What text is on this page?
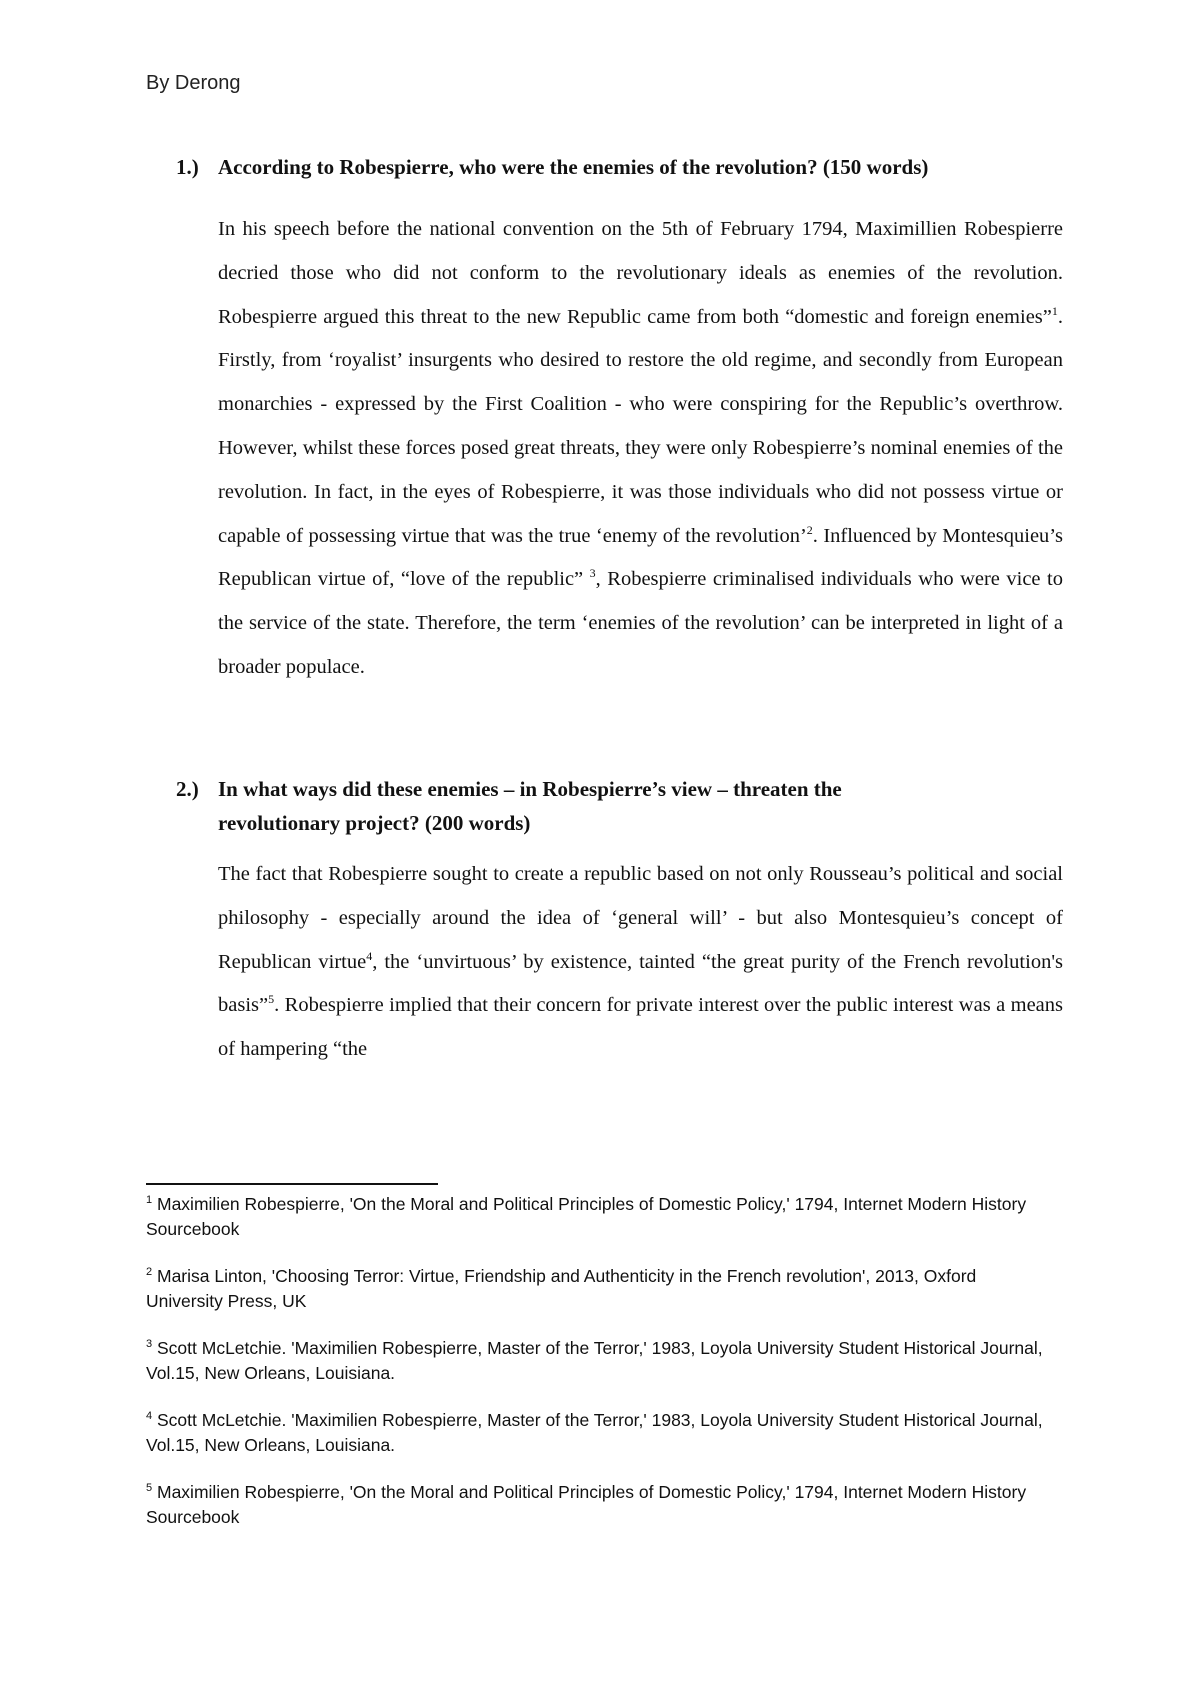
By Derong
1.) According to Robespierre, who were the enemies of the revolution? (150 words)

In his speech before the national convention on the 5th of February 1794, Maximillien Robespierre decried those who did not conform to the revolutionary ideals as enemies of the revolution. Robespierre argued this threat to the new Republic came from both “domestic and foreign enemies”$^1$. Firstly, from ‘royalist’ insurgents who desired to restore the old regime, and secondly from European monarchies - expressed by the First Coalition - who were conspiring for the Republic’s overthrow. However, whilst these forces posed great threats, they were only Robespierre’s nominal enemies of the revolution. In fact, in the eyes of Robespierre, it was those individuals who did not possess virtue or capable of possessing virtue that was the true ‘enemy of the revolution’$^2$. Influenced by Montesquieu’s Republican virtue of, “love of the republic” $^3$, Robespierre criminalised individuals who were vice to the service of the state. Therefore, the term ‘enemies of the revolution’ can be interpreted in light of a broader populace.

2.) In what ways did these enemies – in Robespierre’s view – threaten the revolutionary project? (200 words)

The fact that Robespierre sought to create a republic based on not only Rousseau’s political and social philosophy - especially around the idea of ‘general will’ - but also Montesquieu’s concept of Republican virtue$^4$, the ‘unvirtuous’ by existence, tainted “the great purity of the French revolution's basis”$^5$. Robespierre implied that their concern for private interest over the public interest was a means of hampering “the

$^1$ Maximilien Robespierre, 'On the Moral and Political Principles of Domestic Policy,' 1794, Internet Modern History Sourcebook
$^2$ Marisa Linton, 'Choosing Terror: Virtue, Friendship and Authenticity in the French revolution', 2013, Oxford University Press, UK
$^3$ Scott McLetchie. 'Maximilien Robespierre, Master of the Terror,' 1983, Loyola University Student Historical Journal, Vol.15, New Orleans, Louisiana.
$^4$ Scott McLetchie. 'Maximilien Robespierre, Master of the Terror,' 1983, Loyola University Student Historical Journal, Vol.15, New Orleans, Louisiana.
$^5$ Maximilien Robespierre, 'On the Moral and Political Principles of Domestic Policy,' 1794, Internet Modern History Sourcebook
